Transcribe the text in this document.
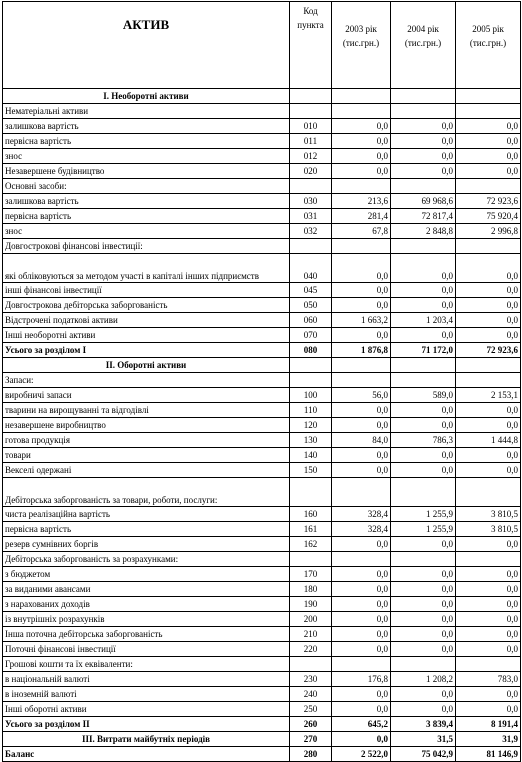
АКТИВ	Код пункта	2003 рік (тис.грн.)	2004 рік (тис.грн.)	2005 рік (тис.грн.)
I. Необоротні активи				
Нематеріальні активи				
залишкова вартість	010	0,0	0,0	0,0
первісна вартість	011	0,0	0,0	0,0
знос	012	0,0	0,0	0,0
Незавершене будівництво	020	0,0	0,0	0,0
Основні засоби:				
залишкова вартість	030	213,6	69 968,6	72 923,6
первісна вартість	031	281,4	72 817,4	75 920,4
знос	032	67,8	2 848,8	2 996,8
Довгострокові фінансові інвестиції:				
які обліковуються за методом участі в капіталі інших підприємств	040	0,0	0,0	0,0
інші фінансові інвестиції	045	0,0	0,0	0,0
Довгострокова дебіторська заборгованість	050	0,0	0,0	0,0
Відстрочені податкові активи	060	1 663,2	1 203,4	0,0
Інші необоротні активи	070	0,0	0,0	0,0
Усього за розділом I	080	1 876,8	71 172,0	72 923,6
II. Оборотні активи				
Запаси:				
виробничі запаси	100	56,0	589,0	2 153,1
тварини на вирощуванні та відгодівлі	110	0,0	0,0	0,0
незавершене виробництво	120	0,0	0,0	0,0
готова продукція	130	84,0	786,3	1 444,8
товари	140	0,0	0,0	0,0
Векселі одержані	150	0,0	0,0	0,0
Дебіторська заборгованість за товари, роботи, послуги:				
чиста реалізаційна вартість	160	328,4	1 255,9	3 810,5
первісна вартість	161	328,4	1 255,9	3 810,5
резерв сумнівних боргів	162	0,0	0,0	0,0
Дебіторська заборгованість за розрахунками:				
з бюджетом	170	0,0	0,0	0,0
за виданими авансами	180	0,0	0,0	0,0
з нарахованих доходів	190	0,0	0,0	0,0
із внутрішніх розрахунків	200	0,0	0,0	0,0
Інша поточна дебіторська заборгованість	210	0,0	0,0	0,0
Поточні фінансові інвестиції	220	0,0	0,0	0,0
Грошові кошти та їх еквіваленти:				
в національній валюті	230	176,8	1 208,2	783,0
в іноземній валюті	240	0,0	0,0	0,0
Інші оборотні активи	250	0,0	0,0	0,0
Усього за розділом II	260	645,2	3 839,4	8 191,4
III. Витрати майбутніх періодів	270	0,0	31,5	31,9
Баланс	280	2 522,0	75 042,9	81 146,9
